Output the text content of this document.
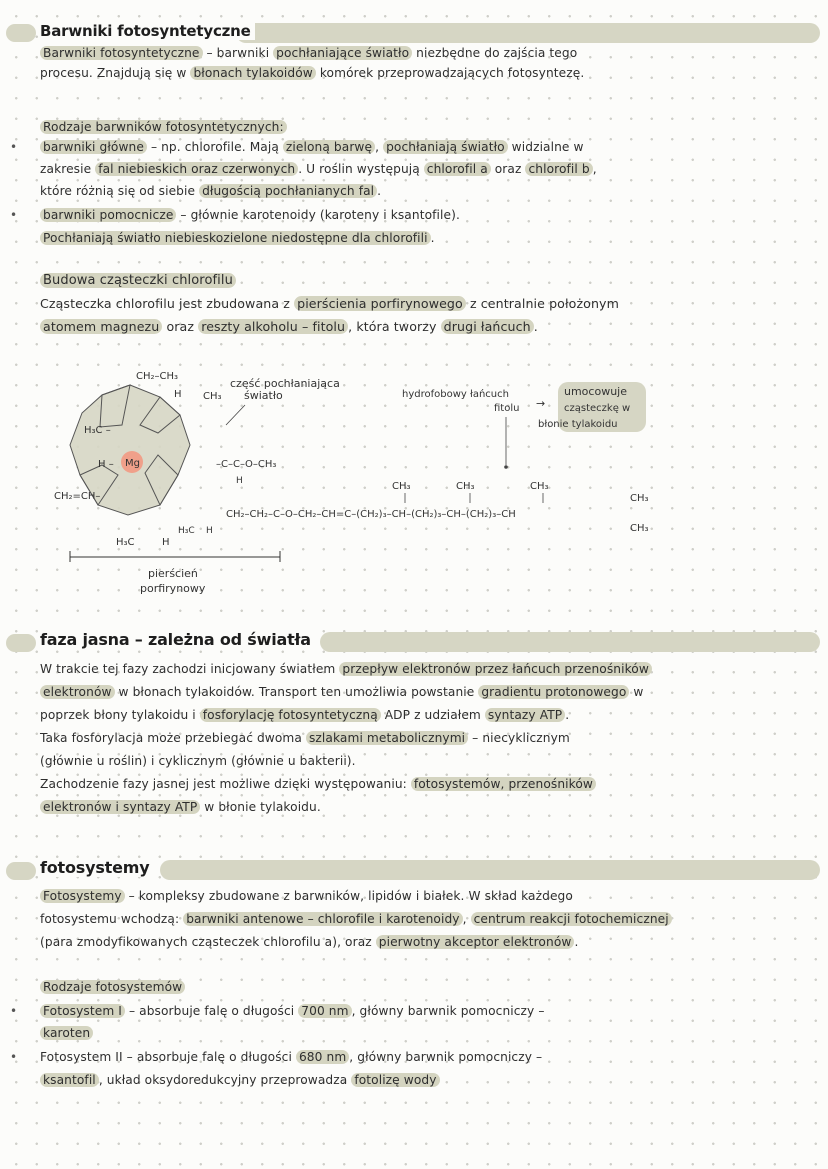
Barwniki fotosyntetyczne
Barwniki fotosyntetyczne – barwniki pochłaniające światło niezbędne do zajścia tego
procesu. Znajdują się w błonach tylakoidów komórek przeprowadzających fotosyntezę.
Rodzaje barwników fotosyntetycznych:
• barwniki główne – np. chlorofile. Mają zieloną barwę , pochłaniają światło widzialne w
zakresie fal niebieskich oraz czerwonych . U roślin występują chlorofil a oraz chlorofil b ,
które różnią się od siebie długością pochłanianych fal .
• barwniki pomocnicze – głównie karotenoidy (karoteny i ksantofile).
Pochłaniają światło niebieskozielone niedostępne dla chlorofili .
Budowa cząsteczki chlorofilu
Cząsteczka chlorofilu jest zbudowana z pierścienia porfirynowego z centralnie położonym
atomem magnezu oraz reszty alkoholu – fitolu , która tworzy drugi łańcuch .
Mg
CH₂–CH₃
H CH₃
H₃C –
H –
CH₂=CH–
H₃C	H
H₃C H
–C–C–O–CH₃
H	CH₃	CH₃	CH₃
CH₂–CH₂–C–O–CH₂–CH=C–(CH₂)₃–CH–(CH₂)₃–CH–(CH₂)₃–CH
CH₃
CH₃
część pochłaniająca
światło	hydrofobowy łańcuch
fitolu →
umocowuje
cząsteczkę w
błonie tylakoidu
pierścień
porfirynowy
faza jasna – zależna od światła
W trakcie tej fazy zachodzi inicjowany światłem przepływ elektronów przez łańcuch przenośników
elektronów w błonach tylakoidów. Transport ten umożliwia powstanie gradientu protonowego w
poprzek błony tylakoidu i fosforylację fotosyntetyczną ADP z udziałem syntazy ATP .
Taka fosforylacja może przebiegać dwoma szlakami metabolicznymi – niecyklicznym
(głównie u roślin) i cyklicznym (głównie u bakterii).
Zachodzenie fazy jasnej jest możliwe dzięki występowaniu: fotosystemów, przenośników
elektronów i syntazy ATP w błonie tylakoidu.
fotosystemy
Fotosystemy – kompleksy zbudowane z barwników, lipidów i białek. W skład każdego
fotosystemu wchodzą: barwniki antenowe – chlorofile i karotenoidy , centrum reakcji fotochemicznej
(para zmodyfikowanych cząsteczek chlorofilu a), oraz pierwotny akceptor elektronów .
Rodzaje fotosystemów
• Fotosystem I – absorbuje falę o długości 700 nm , główny barwnik pomocniczy –
karoten
• Fotosystem II – absorbuje falę o długości 680 nm , główny barwnik pomocniczy –
ksantofil , układ oksydoredukcyjny przeprowadza fotolizę wody
